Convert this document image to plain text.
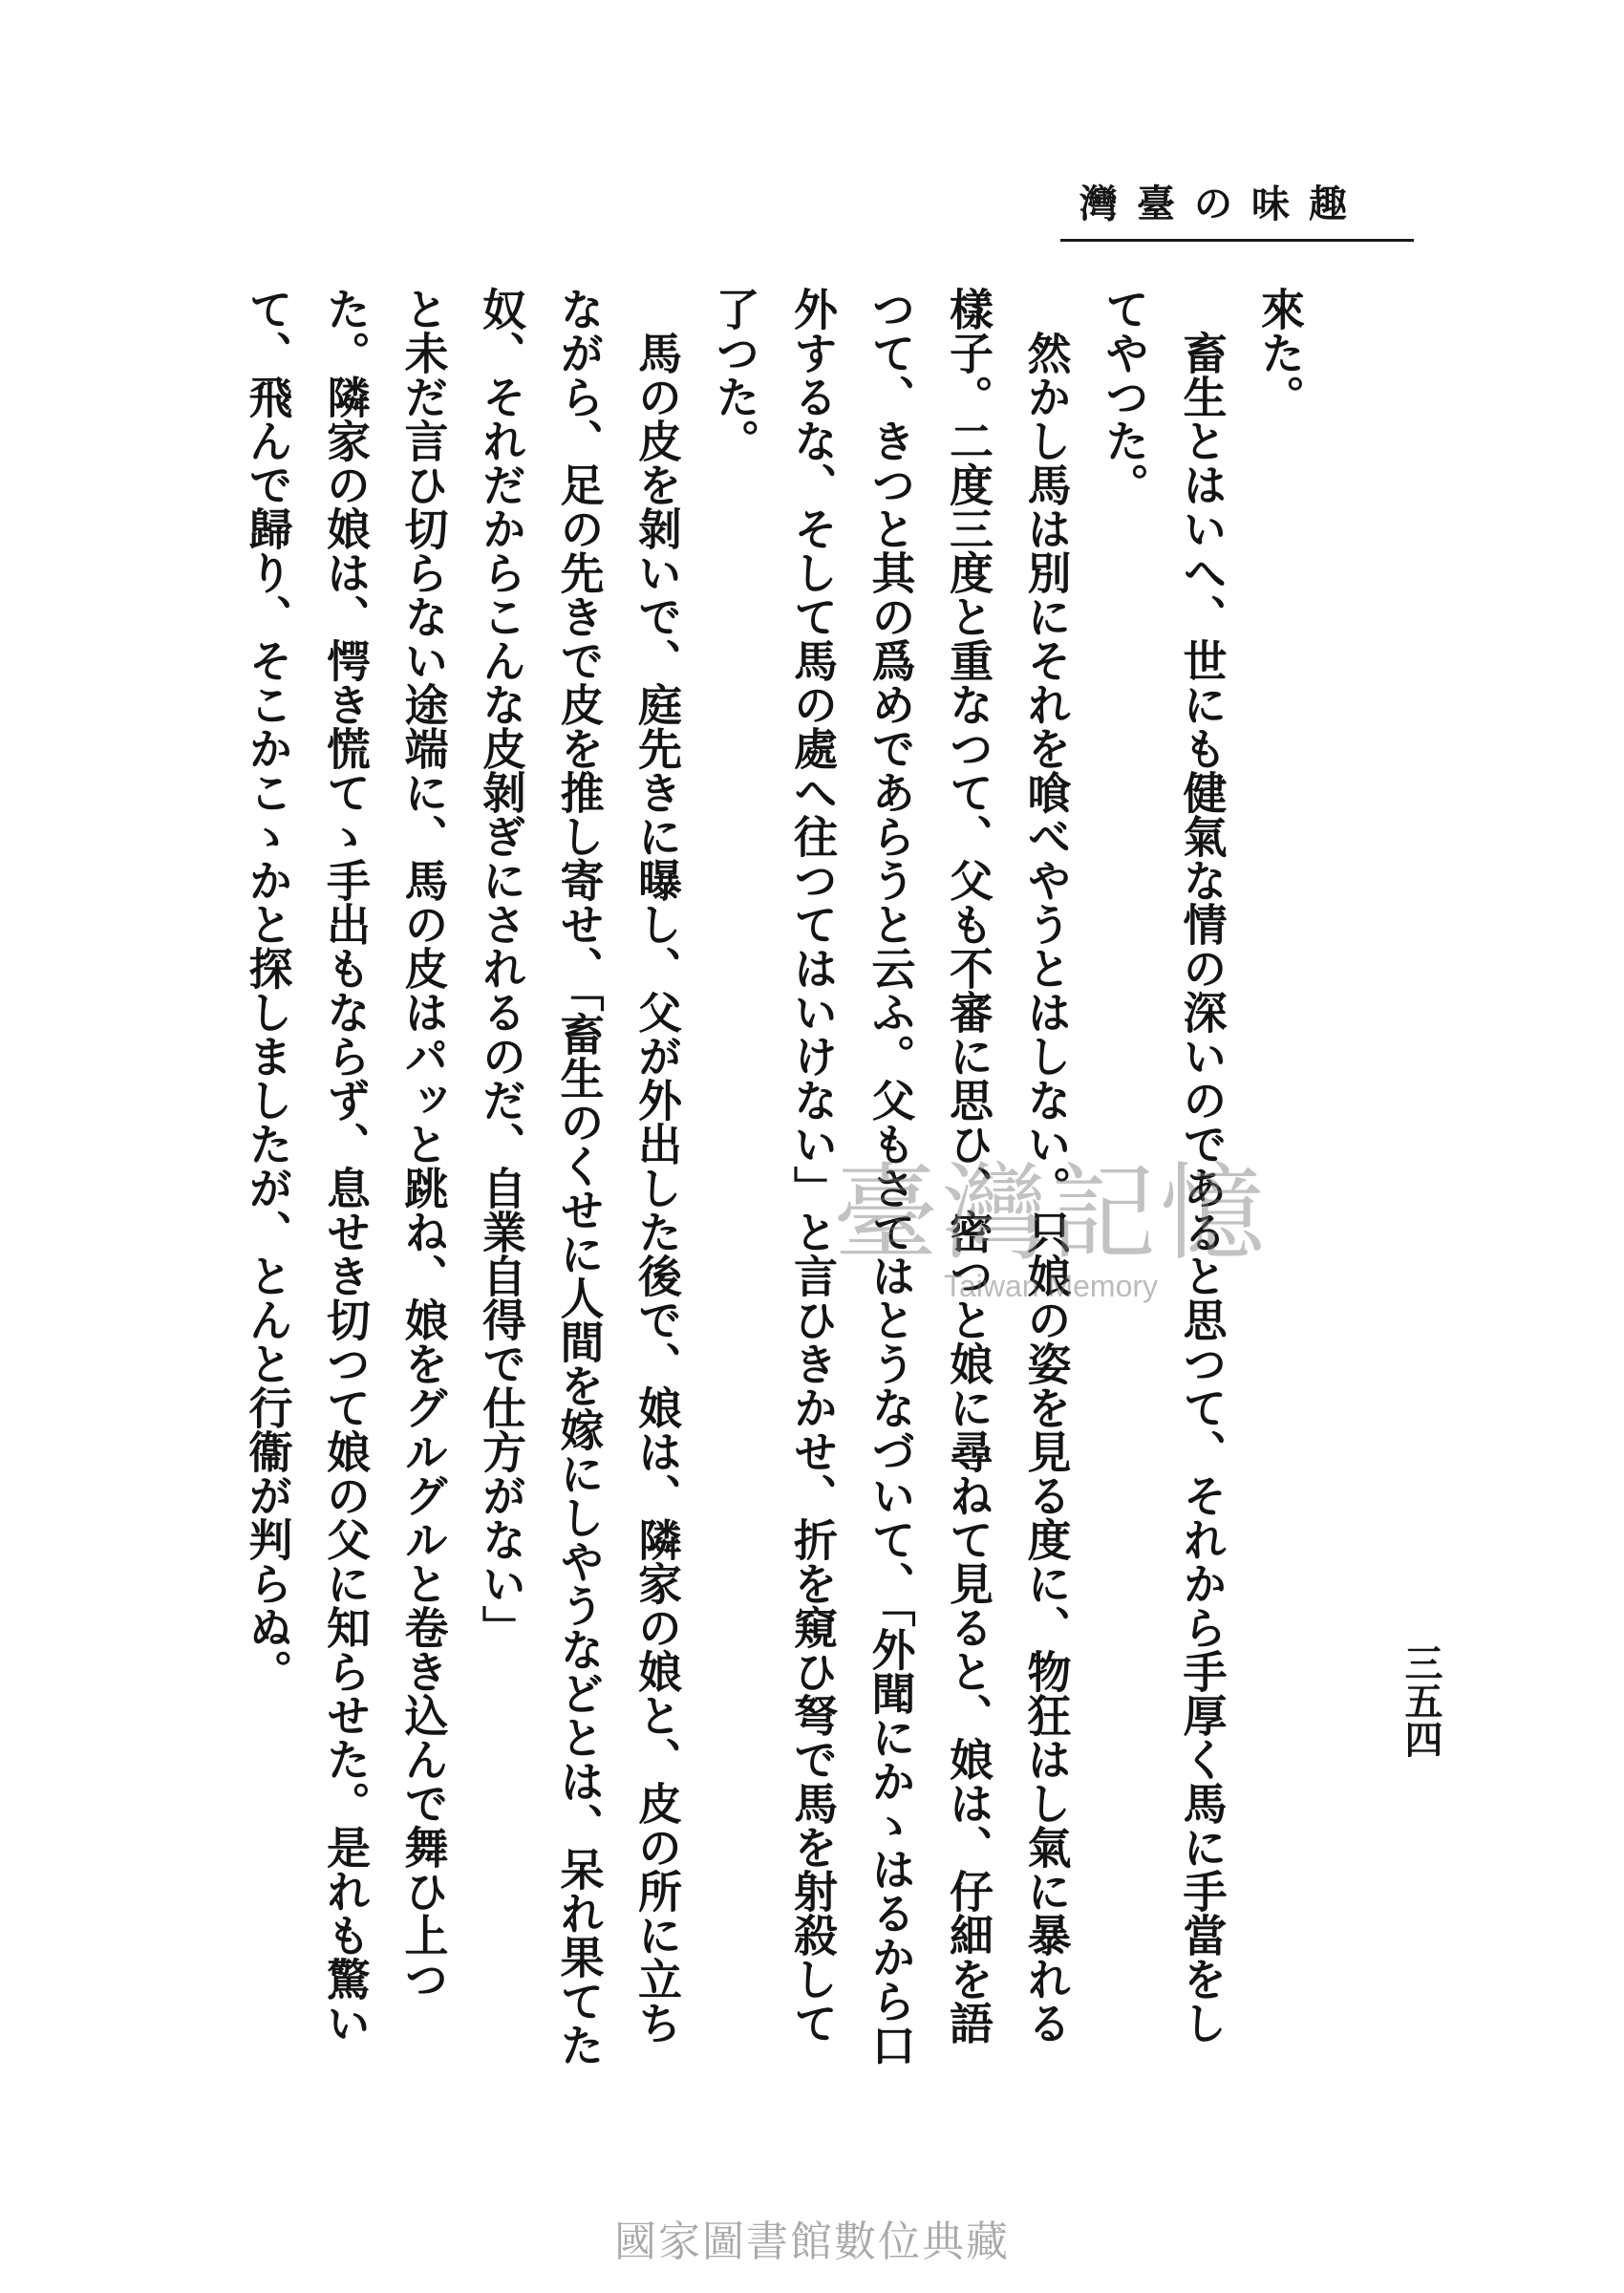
趣味の臺灣
三五四

來た。

　畜生とはいへ、世にも健氣な情の深いのであると思つて、それから手厚く馬に手當をしてやつた。

　然かし馬は別にそれを喰べやうとはしない。只娘の姿を見る度に、物狂はし氣に暴れる樣子。二度三度と重なつて、父も不審に思ひ、密つと娘に尋ねて見ると、娘は、仔細を語つて、きつと其の爲めであらうと云ふ。父もさてはとうなづいて、「外聞にかゝはるから口外するな、そして馬の處へ往つてはいけない」と言ひきかせ、折を窺ひ弩で馬を射殺して了つた。

　馬の皮を剝いで、庭先きに曝し、父が外出した後で、娘は、隣家の娘と、皮の所に立ちながら、足の先きで皮を推し寄せ、「畜生のくせに人間を嫁にしやうなどとは、呆れ果てた奴、それだからこんな皮剝ぎにされるのだ、自業自得で仕方がない」

と未だ言ひ切らない途端に、馬の皮はパッと跳ね、娘をグルグルと卷き込んで舞ひ上つた。隣家の娘は、愕き慌てゝ手出もならず、息せき切つて娘の父に知らせた。是れも驚いて、飛んで歸り、そこかこゝかと探しましたが、とんと行衞が判らぬ。	臺灣記憶
Taiwan Memory
國家圖書館數位典藏
